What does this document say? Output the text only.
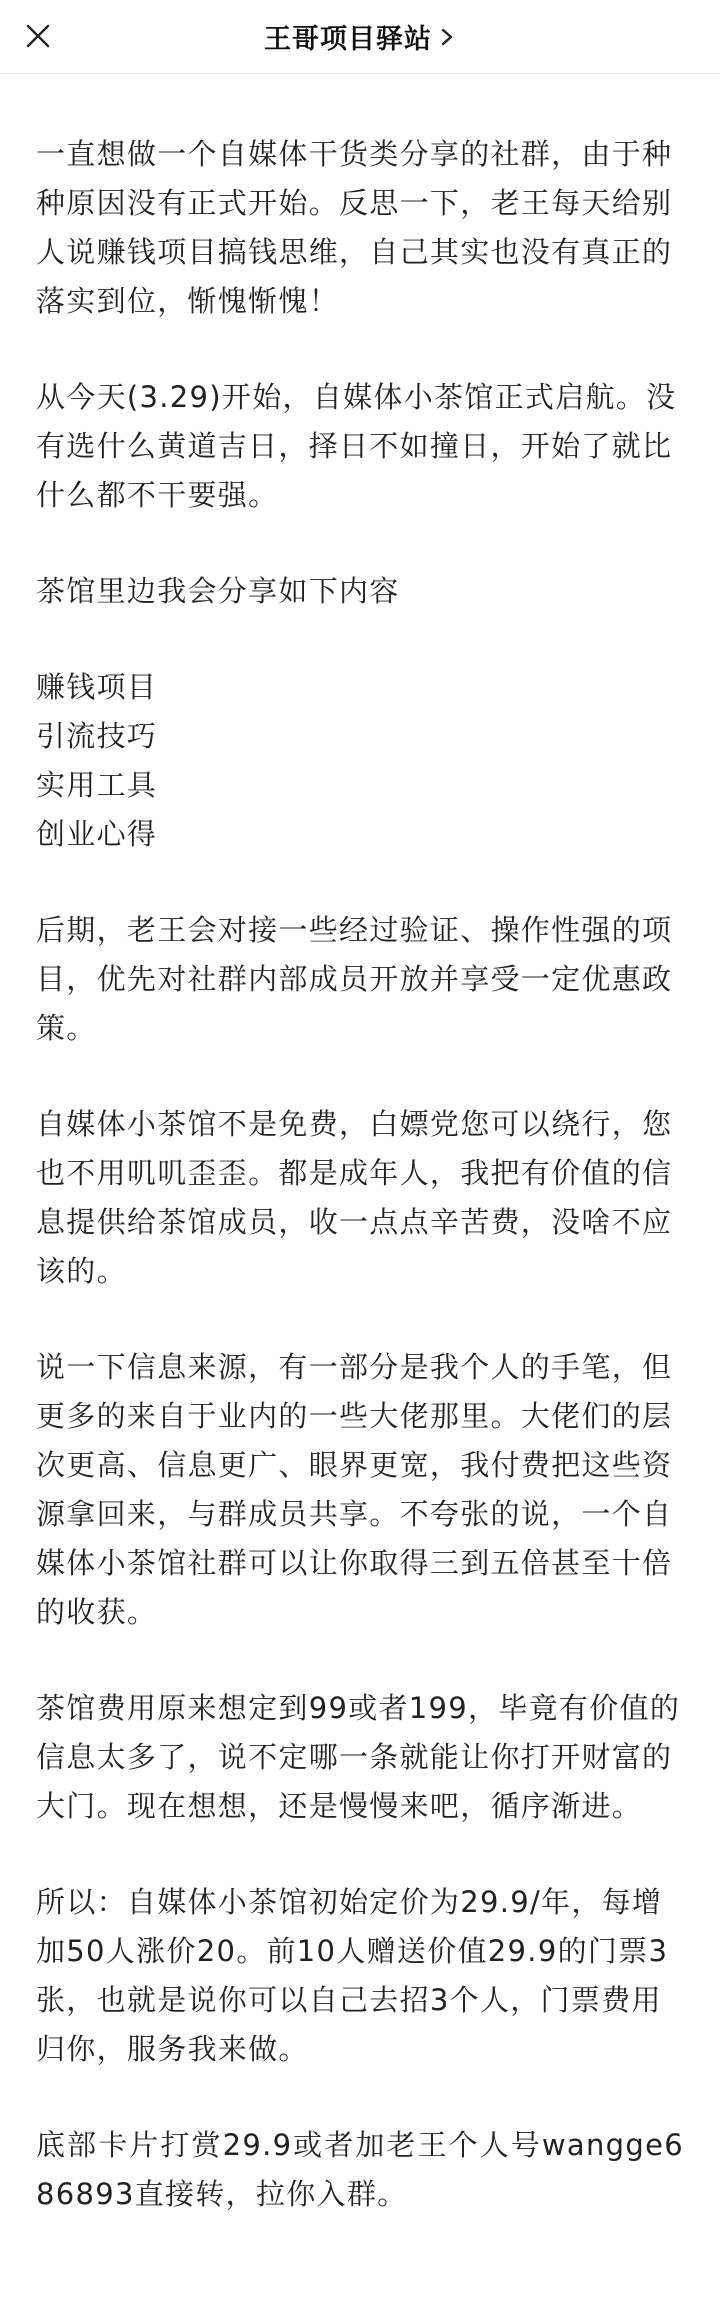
王哥项目驿站

一直想做一个自媒体干货类分享的社群，由于种种原因没有正式开始。反思一下，老王每天给别人说赚钱项目搞钱思维，自己其实也没有真正的落实到位，惭愧惭愧！

从今天(3.29)开始，自媒体小茶馆正式启航。没有选什么黄道吉日，择日不如撞日，开始了就比什么都不干要强。

茶馆里边我会分享如下内容

赚钱项目
引流技巧
实用工具
创业心得

后期，老王会对接一些经过验证、操作性强的项目，优先对社群内部成员开放并享受一定优惠政策。

自媒体小茶馆不是免费，白嫖党您可以绕行，您也不用叽叽歪歪。都是成年人，我把有价值的信息提供给茶馆成员，收一点点辛苦费，没啥不应该的。

说一下信息来源，有一部分是我个人的手笔，但更多的来自于业内的一些大佬那里。大佬们的层次更高、信息更广、眼界更宽，我付费把这些资源拿回来，与群成员共享。不夸张的说，一个自媒体小茶馆社群可以让你取得三到五倍甚至十倍的收获。

茶馆费用原来想定到99或者199，毕竟有价值的信息太多了，说不定哪一条就能让你打开财富的大门。现在想想，还是慢慢来吧，循序渐进。

所以：自媒体小茶馆初始定价为29.9/年，每增加50人涨价20。前10人赠送价值29.9的门票3张，也就是说你可以自己去招3个人，门票费用归你，服务我来做。

底部卡片打赏29.9或者加老王个人号wangge686893直接转，拉你入群。
